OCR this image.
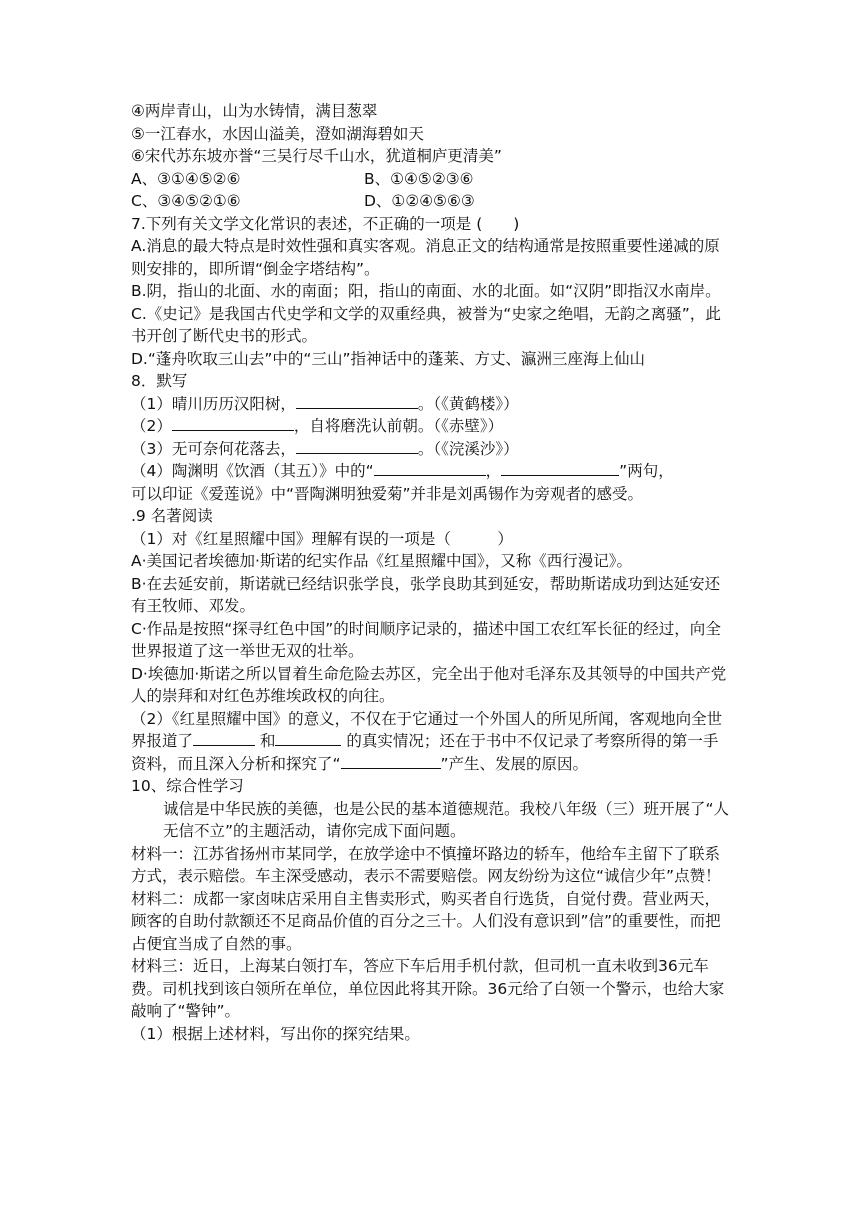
④两岸青山，山为水铸情，满目葱翠
⑤一江春水，水因山溢美，澄如湖海碧如天
⑥宋代苏东坡亦誉“三吴行尽千山水，犹道桐庐更清美”
A、③①④⑤②⑥	B、①④⑤②③⑥
C、③④⑤②①⑥	D、①②④⑤⑥③
7.下列有关文学文化常识的表述，不正确的一项是 (　　)
A.消息的最大特点是时效性强和真实客观。消息正文的结构通常是按照重要性递减的原则安排的，即所谓“倒金字塔结构”。
B.阴，指山的北面、水的南面；阳，指山的南面、水的北面。如“汉阴”即指汉水南岸。
C.《史记》是我国古代史学和文学的双重经典，被誉为“史家之绝唱，无韵之离骚”，此书开创了断代史书的形式。
D.“蓬舟吹取三山去”中的“三山”指神话中的蓬莱、方丈、瀛洲三座海上仙山
8．默写
（1）晴川历历汉阳树，	。（《黄鹤楼》）
（2）	，自将磨洗认前朝。（《赤壁》）
（3）无可奈何花落去，	。（《浣溪沙》）
（4）陶渊明《饮酒（其五）》中的“	，	”两句，
可以印证《爱莲说》中“晋陶渊明独爱菊”并非是刘禹锡作为旁观者的感受。
.9 名著阅读
（1）对《红星照耀中国》理解有误的一项是（　　　）
A·美国记者埃德加·斯诺的纪实作品《红星照耀中国》，又称《西行漫记》。
B·在去延安前，斯诺就已经结识张学良，张学良助其到延安，帮助斯诺成功到达延安还有王牧师、邓发。
C·作品是按照“探寻红色中国”的时间顺序记录的，描述中国工农红军长征的经过，向全世界报道了这一举世无双的壮举。
D·埃德加·斯诺之所以冒着生命危险去苏区，完全出于他对毛泽东及其领导的中国共产党人的崇拜和对红色苏维埃政权的向往。
（2）《红星照耀中国》的意义，不仅在于它通过一个外国人的所见所闻，客观地向全世界报道了	和	的真实情况；还在于书中不仅记录了考察所得的第一手资料，而且深入分析和探究了“	”产生、发展的原因。
10、综合性学习
诚信是中华民族的美德，也是公民的基本道德规范。我校八年级（三）班开展了“人无信不立”的主题活动，请你完成下面问题。
材料一：江苏省扬州市某同学，在放学途中不慎撞坏路边的轿车，他给车主留下了联系方式，表示赔偿。车主深受感动，表示不需要赔偿。网友纷纷为这位“诚信少年”点赞！
材料二：成都一家卤味店采用自主售卖形式，购买者自行选货，自觉付费。营业两天，顾客的自助付款额还不足商品价值的百分之三十。人们没有意识到”信”的重要性，而把占便宜当成了自然的事。
材料三：近日，上海某白领打车，答应下车后用手机付款，但司机一直未收到36元车费。司机找到该白领所在单位，单位因此将其开除。36元给了白领一个警示，也给大家敲响了“警钟”。
（1）根据上述材料，写出你的探究结果。
